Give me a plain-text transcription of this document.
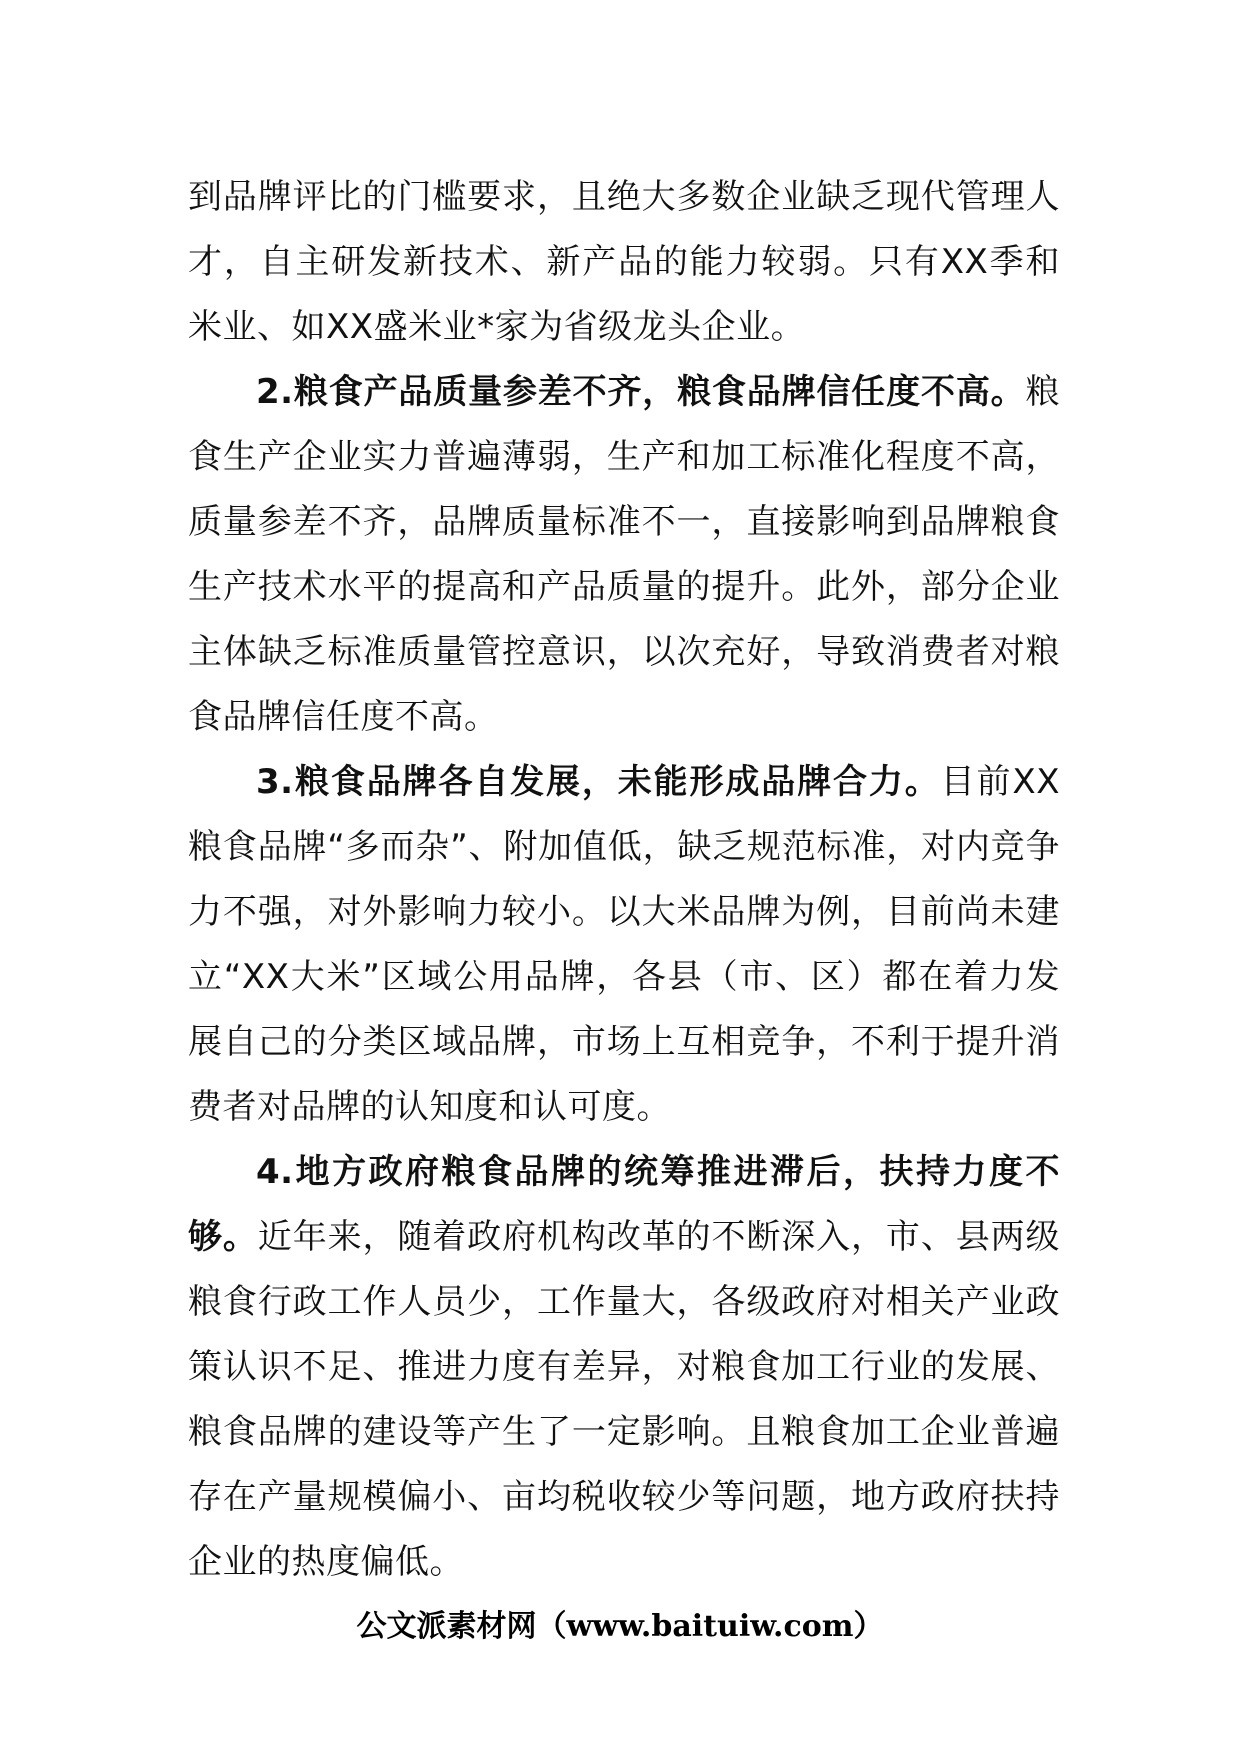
到品牌评比的门槛要求，且绝大多数企业缺乏现代管理人才，自主研发新技术、新产品的能力较弱。只有XX季和米业、如XX盛米业*家为省级龙头企业。

2.粮食产品质量参差不齐，粮食品牌信任度不高。粮食生产企业实力普遍薄弱，生产和加工标准化程度不高，质量参差不齐，品牌质量标准不一，直接影响到品牌粮食生产技术水平的提高和产品质量的提升。此外，部分企业主体缺乏标准质量管控意识，以次充好，导致消费者对粮食品牌信任度不高。

3.粮食品牌各自发展，未能形成品牌合力。目前XX粮食品牌“多而杂”、附加值低，缺乏规范标准，对内竞争力不强，对外影响力较小。以大米品牌为例，目前尚未建立“XX大米”区域公用品牌，各县（市、区）都在着力发展自己的分类区域品牌，市场上互相竞争，不利于提升消费者对品牌的认知度和认可度。

4.地方政府粮食品牌的统筹推进滞后，扶持力度不够。近年来，随着政府机构改革的不断深入，市、县两级粮食行政工作人员少，工作量大，各级政府对相关产业政策认识不足、推进力度有差异，对粮食加工行业的发展、粮食品牌的建设等产生了一定影响。且粮食加工企业普遍存在产量规模偏小、亩均税收较少等问题，地方政府扶持企业的热度偏低。

公文派素材网（www.baituiw.com）
